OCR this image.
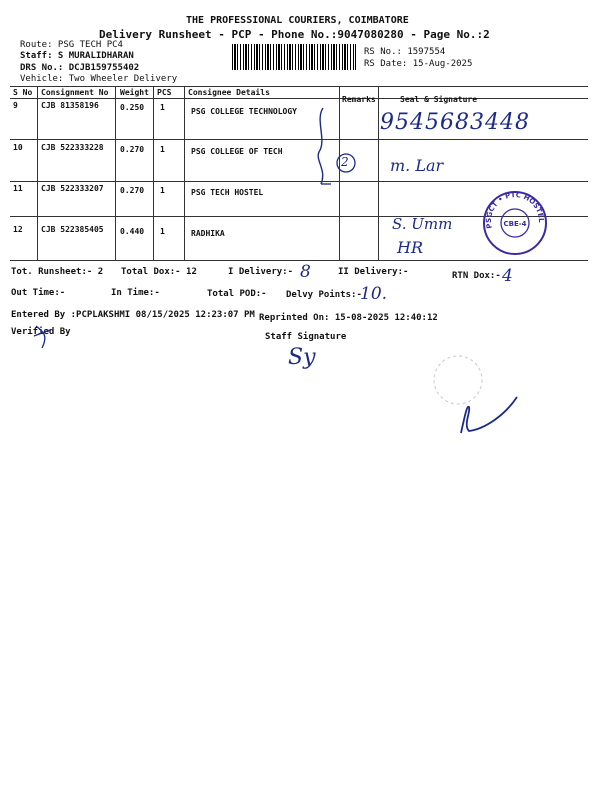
THE PROFESSIONAL COURIERS, COIMBATORE
Delivery Runsheet - PCP - Phone No.:9047080280 - Page No.:2
Route: PSG TECH PC4
Staff: S MURALIDHARAN
DRS No.: DCJB159755402
Vehicle: Two Wheeler Delivery
RS No.: 1597554
RS Date: 15-Aug-2025
S No Consignment No Weight PCS Consignee Details
Remarks	Seal & Signature
9	CJB 81358196	0.250 1	PSG COLLEGE TECHNOLOGY
10 CJB 522333228 0.270 1	PSG COLLEGE OF TECH
11 CJB 522333207 0.270 1	PSG TECH HOSTEL
12 CJB 522385405 0.440 1	RADHIKA
2
9545683448
m. Lar
S. Umm
HR
PSGCT • PTC HOSTEL
CBE-4
Tot. Runsheet:- 2 Total Dox:- 12	I Delivery:- 8	II Delivery:-	RTN Dox:- 4
Out Time:-	In Time:-	Total POD:- Delvy Points:-
10.
Entered By :PCPLAKSHMI 08/15/2025 12:23:07 PM Reprinted On: 15-08-2025 12:40:12
Verified By	Staff Signature
Sy
